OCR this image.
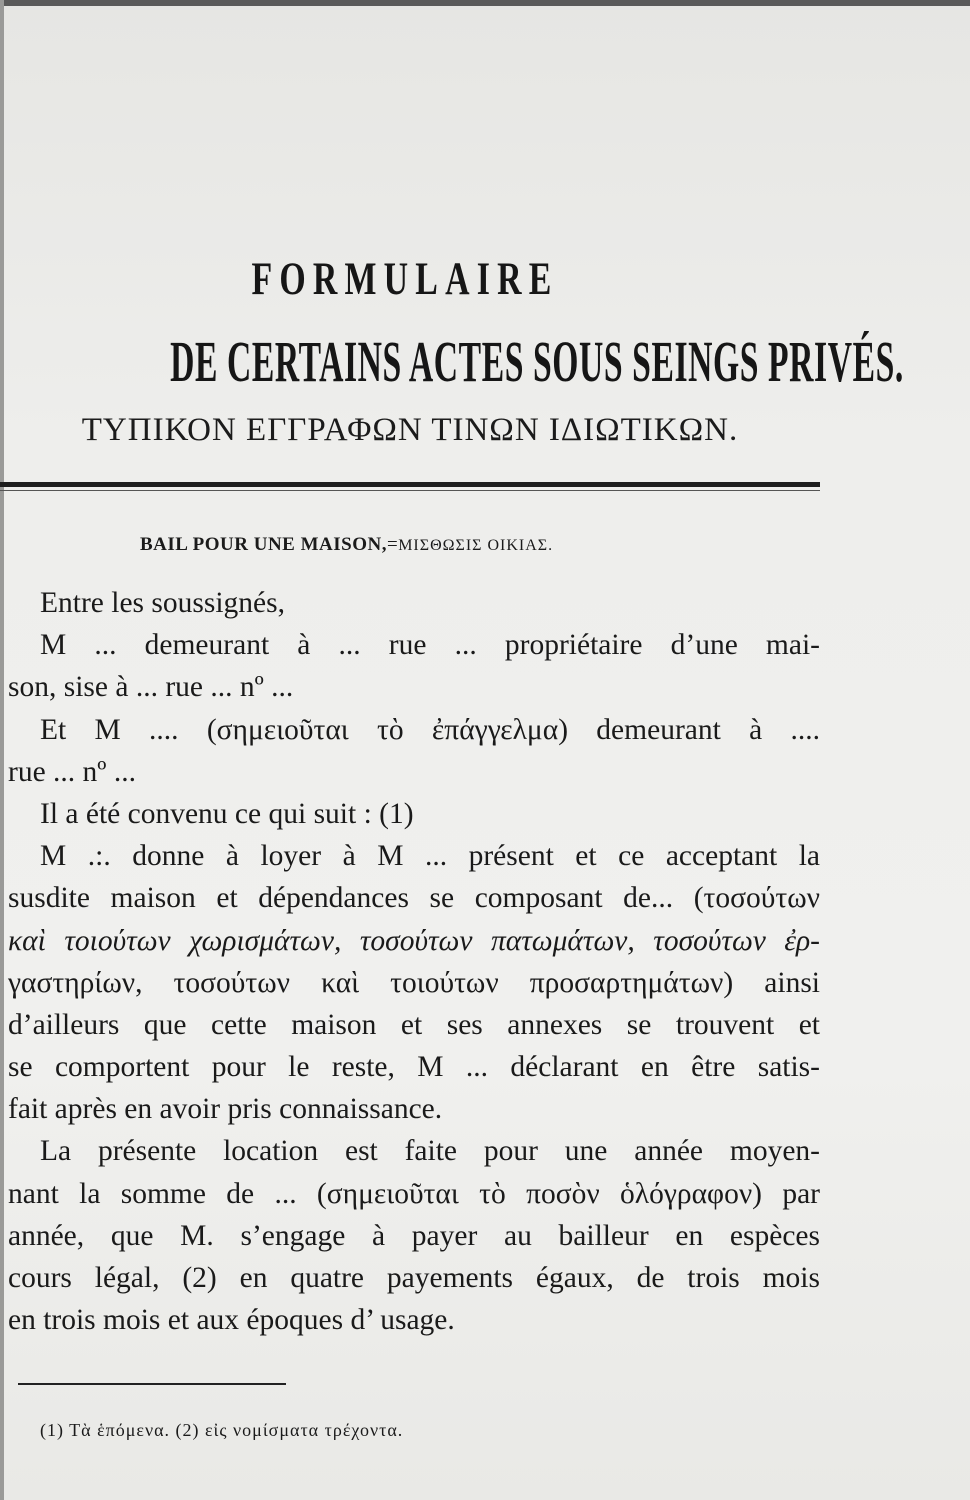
FORMULAIRE
DE CERTAINS ACTES SOUS SEINGS PRIVÉS.
ΤΥΠΙΚΟΝ ΕΓΓΡΑΦΩΝ ΤΙΝΩΝ ΙΔΙΩΤΙΚΩΝ.
BAIL POUR UNE MAISON,=ΜΙΣΘΩΣΙΣ ΟΙΚΙΑΣ.
Entre les soussignés,
M ... demeurant à ... rue ... propriétaire d’une mai-
son, sise à ... rue ... nº ...
Et M .... (σημειοῦται τὸ ἐπάγγελμα) demeurant à ....
rue ... nº ...
Il a été convenu ce qui suit : (1)
M .:. donne à loyer à M ... présent et ce acceptant la
susdite maison et dépendances se composant de... (τοσούτων
καὶ τοιούτων χωρισμάτων, τοσούτων πατωμάτων, τοσούτων ἐρ-
γαστηρίων, τοσούτων καὶ τοιούτων προσαρτημάτων) ainsi
d’ailleurs que cette maison et ses annexes se trouvent et
se comportent pour le reste, M ... déclarant en être satis-
fait après en avoir pris connaissance.
La présente location est faite pour une année moyen-
nant la somme de ... (σημειοῦται τὸ ποσὸν ὁλόγραφον) par
année, que M. s’engage à payer au bailleur en espèces
cours légal, (2) en quatre payements égaux, de trois mois
en trois mois et aux époques d’ usage.
(1) Τὰ ἑπόμενα. (2) εἰς νομίσματα τρέχοντα.
